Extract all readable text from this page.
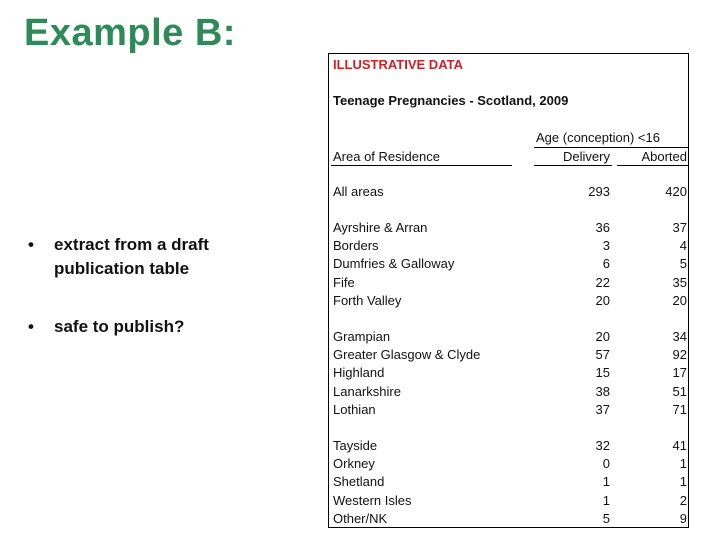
Example B:
• extract from a draft publication table
• safe to publish?
ILLUSTRATIVE DATA
Teenage Pregnancies - Scotland, 2009
Age (conception) <16
Area of Residence	Delivery	Aborted
All areas	293	420
Ayrshire & Arran	36	37
Borders	3	4
Dumfries & Galloway	6	5
Fife	22	35
Forth Valley	20	20
Grampian	20	34
Greater Glasgow & Clyde	57	92
Highland	15	17
Lanarkshire	38	51
Lothian	37	71
Tayside	32	41
Orkney	0	1
Shetland	1	1
Western Isles	1	2
Other/NK	5	9
